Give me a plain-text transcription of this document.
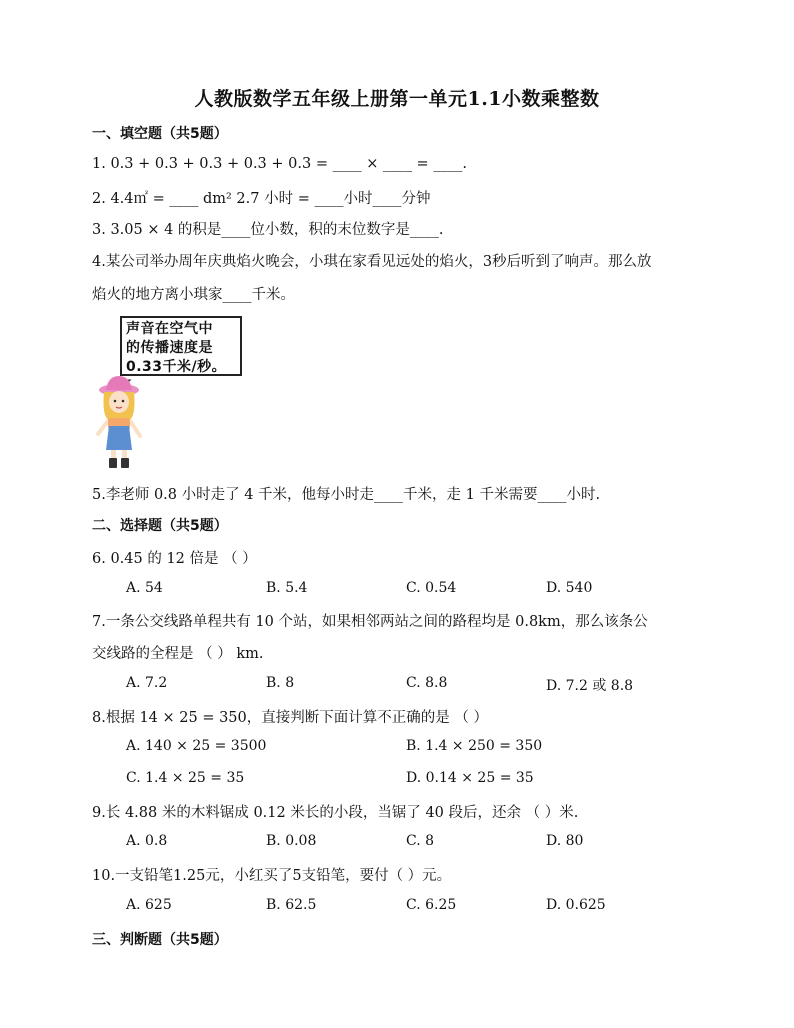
人教版数学五年级上册第一单元1.1小数乘整数
一、填空题（共5题）
1. 0.3 + 0.3 + 0.3 + 0.3 + 0.3 = ____ × ____ = ____.
2. 4.4㎡ = ____ dm² 2.7 小时 = ____小时____分钟
3. 3.05 × 4 的积是____位小数，积的末位数字是____.
4.某公司举办周年庆典焰火晚会，小琪在家看见远处的焰火，3秒后听到了响声。那么放
焰火的地方离小琪家____千米。
声音在空气中
的传播速度是
0.33千米/秒。
5.李老师 0.8 小时走了 4 千米，他每小时走____千米，走 1 千米需要____小时.
二、选择题（共5题）
6. 0.45 的 12 倍是 （ ）
A. 54	B. 5.4	C. 0.54	D. 540
7.一条公交线路单程共有 10 个站，如果相邻两站之间的路程均是 0.8km，那么该条公
交线路的全程是 （ ） km.
A. 7.2	B. 8	C. 8.8	D. 7.2 或 8.8
8.根据 14 × 25 = 350，直接判断下面计算不正确的是 （ ）
A. 140 × 25 = 3500	B. 1.4 × 250 = 350
C. 1.4 × 25 = 35	D. 0.14 × 25 = 35
9.长 4.88 米的木料锯成 0.12 米长的小段，当锯了 40 段后，还余 （ ）米.
A. 0.8	B. 0.08	C. 8	D. 80
10.一支铅笔1.25元，小红买了5支铅笔，要付（ ）元。
A. 625	B. 62.5	C. 6.25	D. 0.625
三、判断题（共5题）
